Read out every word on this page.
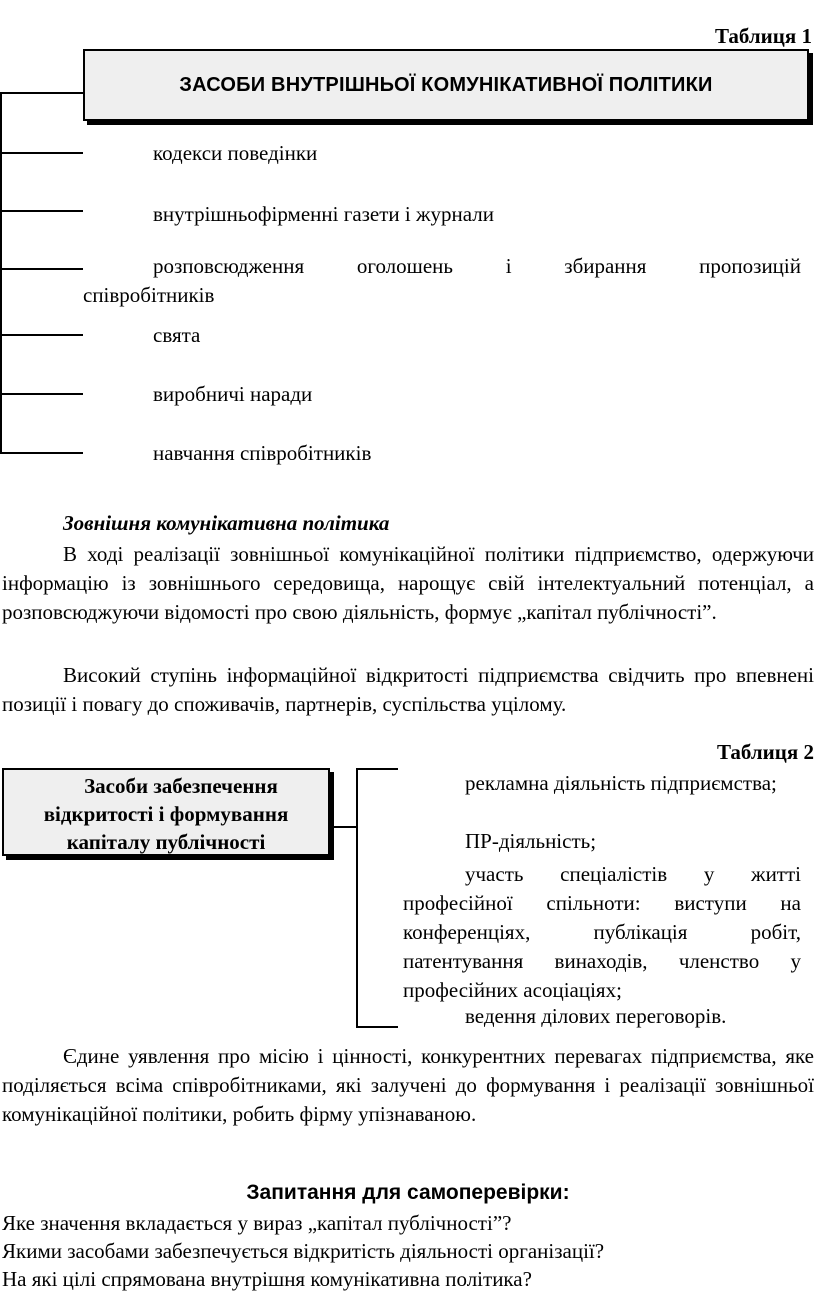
Таблиця 1
ЗАСОБИ ВНУТРІШНЬОЇ КОМУНІКАТИВНОЇ ПОЛІТИКИ
кодекси поведінки
внутрішньофірменні газети і журнали
розповсюдження оголошень і збирання пропозицій
співробітників
свята
виробничі наради
навчання співробітників
Зовнішня комунікативна політика
В ході реалізації зовнішньої комунікаційної політики підприємство, одержуючи інформацію із зовнішнього середовища, нарощує свій інтелектуальний потенціал, а розповсюджуючи відомості про свою діяльність, формує „капітал публічності”.
Високий ступінь інформаційної відкритості підприємства свідчить про впевнені позиції і повагу до споживачів, партнерів, суспільства уцілому.
Таблиця 2
Засоби забезпечення
відкритості і формування
капіталу публічності
рекламна діяльність підприємства;
ПР-діяльність;
участь спеціалістів у житті професійної спільноти: виступи на конференціях, публікація робіт, патентування винаходів, членство у професійних асоціаціях;
ведення ділових переговорів.
Єдине уявлення про місію і цінності, конкурентних перевагах підприємства, яке поділяється всіма співробітниками, які залучені до формування і реалізації зовнішньої комунікаційної політики, робить фірму упізнаваною.
Запитання для самоперевірки:
Яке значення вкладається у вираз „капітал публічності”?
Якими засобами забезпечується відкритість діяльності організації?
На які цілі спрямована внутрішня комунікативна політика?
